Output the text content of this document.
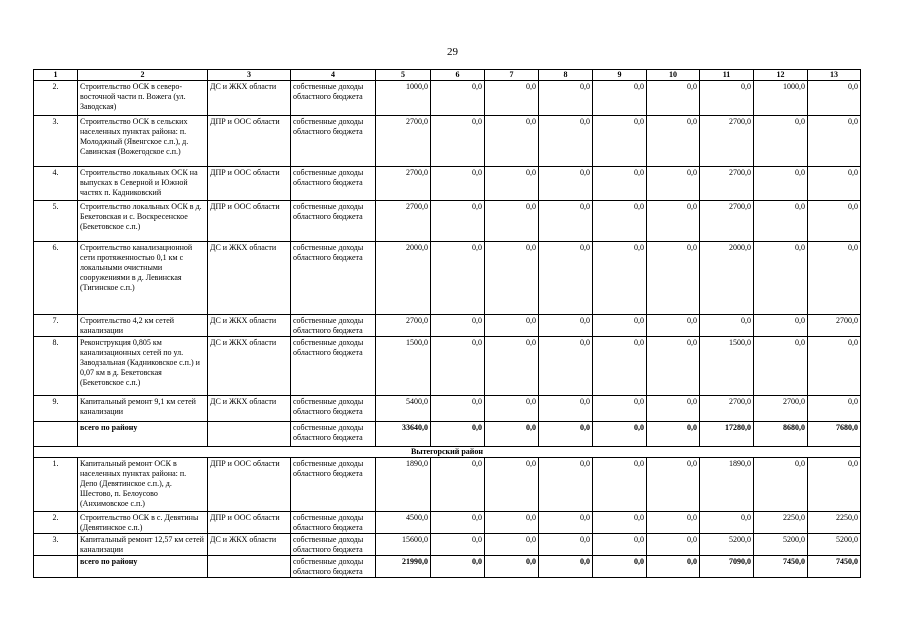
29
1	2	3	4	5	6	7	8	9	10	11	12	13
2.	Строительство ОСК в северо-восточной части п. Вожега (ул. Заводская)	ДС и ЖКХ области	собственные доходы областного бюджета	1000,0	0,0	0,0	0,0	0,0	0,0	0,0	1000,0	0,0
3.	Строительство ОСК в сельских населенных пунктах района: п. Молоджный (Явенгское с.п.), д. Савинская (Вожегодское с.п.)	ДПР и ООС области	собственные доходы областного бюджета	2700,0	0,0	0,0	0,0	0,0	0,0	2700,0	0,0	0,0
4.	Строительство локальных ОСК на выпусках в Северной и Южной частях п. Кадниковский	ДПР и ООС области	собственные доходы областного бюджета	2700,0	0,0	0,0	0,0	0,0	0,0	2700,0	0,0	0,0
5.	Строительство локальных ОСК в д. Бекетовская и с. Воскресенское (Бекетовское с.п.)	ДПР и ООС области	собственные доходы областного бюджета	2700,0	0,0	0,0	0,0	0,0	0,0	2700,0	0,0	0,0
6.	Строительство канализационной сети протяженностью 0,1 км с локальными очистными сооружениями в д. Левинская (Тигинское с.п.)	ДС и ЖКХ области	собственные доходы областного бюджета	2000,0	0,0	0,0	0,0	0,0	0,0	2000,0	0,0	0,0
7.	Строительство 4,2 км сетей канализации	ДС и ЖКХ области	собственные доходы областного бюджета	2700,0	0,0	0,0	0,0	0,0	0,0	0,0	0,0	2700,0
8.	Реконструкция 0,805 км канализационных сетей по ул. Заводзальная (Кадниковское с.п.) и 0,07 км в д. Бекетовская (Бекетовское с.п.)	ДС и ЖКХ области	собственные доходы областного бюджета	1500,0	0,0	0,0	0,0	0,0	0,0	1500,0	0,0	0,0
9.	Капитальный ремонт 9,1 км сетей канализации	ДС и ЖКХ области	собственные доходы областного бюджета	5400,0	0,0	0,0	0,0	0,0	0,0	2700,0	2700,0	0,0
	всего по району		собственные доходы областного бюджета	33640,0	0,0	0,0	0,0	0,0	0,0	17280,0	8680,0	7680,0
Вытегорский район												
1.	Капитальный ремонт ОСК в населенных пунктах района: п. Депо (Девятинское с.п.), д. Шестово, п. Белоусово (Анхимовское с.п.)	ДПР и ООС области	собственные доходы областного бюджета	1890,0	0,0	0,0	0,0	0,0	0,0	1890,0	0,0	0,0
2.	Строительство ОСК в с. Девятины (Девятинское с.п.)	ДПР и ООС области	собственные доходы областного бюджета	4500,0	0,0	0,0	0,0	0,0	0,0	0,0	2250,0	2250,0
3.	Капитальный ремонт 12,57 км сетей канализации	ДС и ЖКХ области	собственные доходы областного бюджета	15600,0	0,0	0,0	0,0	0,0	0,0	5200,0	5200,0	5200,0
	всего по району		собственные доходы областного бюджета	21990,0	0,0	0,0	0,0	0,0	0,0	7090,0	7450,0	7450,0
